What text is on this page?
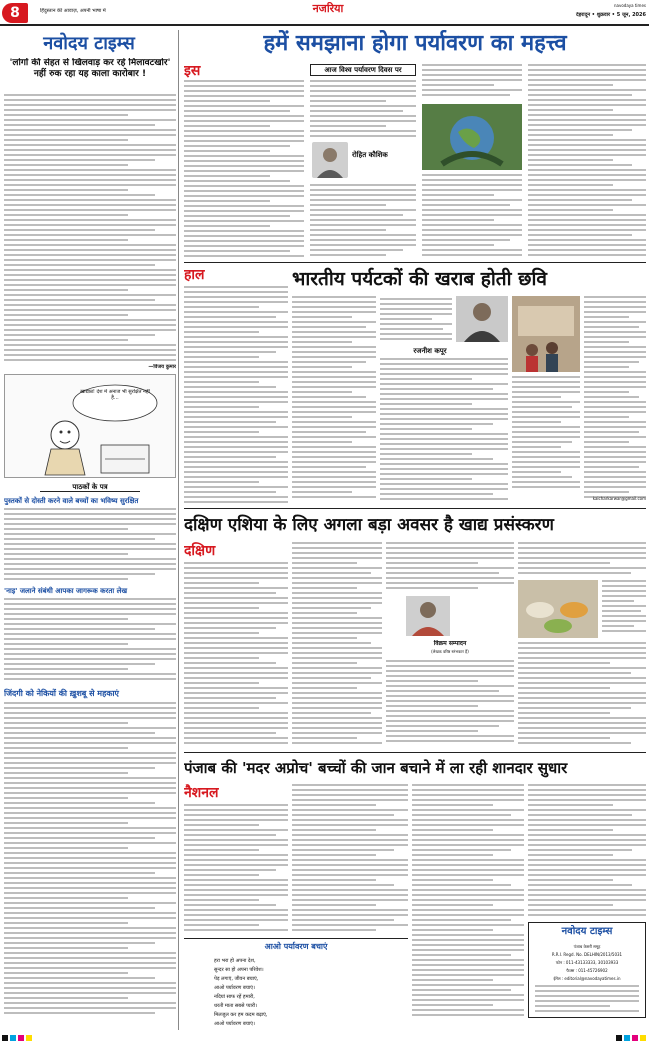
8	हिंदुस्तान की आवाज़, अपनी भाषा में	नजरिया	navodaya times
देहरादून • शुक्रवार • 5 जून, 2026
नवोदय टाइम्स
'लोगों की सेहत से खिलवाड़ कर रहे मिलावटखोर' नहीं रुक रहा यह काला कारोबार !
—विजय कुमार
खाद्यान्न! देश में अनाज भी सुरक्षित नहीं है...
पाठकों के पत्र
पुस्तकों से दोस्ती करने वाले बच्चों का भविष्य सुरक्षित
'नाइ' जलाने संबंधी आपका जागरूक करता लेख
जिंदगी को नेकियों की ख़ुशबू से महकाएं
हमें समझाना होगा पर्यावरण का महत्त्व
इस	आज विश्व पर्यावरण दिवस पर
रोहित कौशिक
हाल	भारतीय पर्यटकों की खराब होती छवि
रजनीश कपूर
kaicharkarwar@gmail.com
दक्षिण एशिया के लिए अगला बड़ा अवसर है खाद्य प्रसंस्करण
दक्षिण
विक्रम सम्पादन
(लेखक वरिष्ठ स्तंभकार हैं)
पंजाब की 'मदर अप्रोच' बच्चों की जान बचाने में ला रही शानदार सुधार
नैशनल
आओ पर्यावरण बचाएं
हरा भरा हो अपना देश,
सुन्दर सा हो अपना परिवेश।
पेड़ लगाएं, जीवन बचाएं,
आओ पर्यावरण बचाएं।
नदियां साफ रहें हमारी,
धरती माता सबसे प्यारी।
मिलजुल कर हम कदम बढ़ाएं,
आओ पर्यावरण बचाएं।
नवोदय टाइम्स
पंजाब केसरी समूह
R.R.I. Regd. No. DELHIN/2013/5031
फोन : 011-43133333, 30103933
फैक्स : 011-45726902
ईमेल : editorial@navodayatimes.in
